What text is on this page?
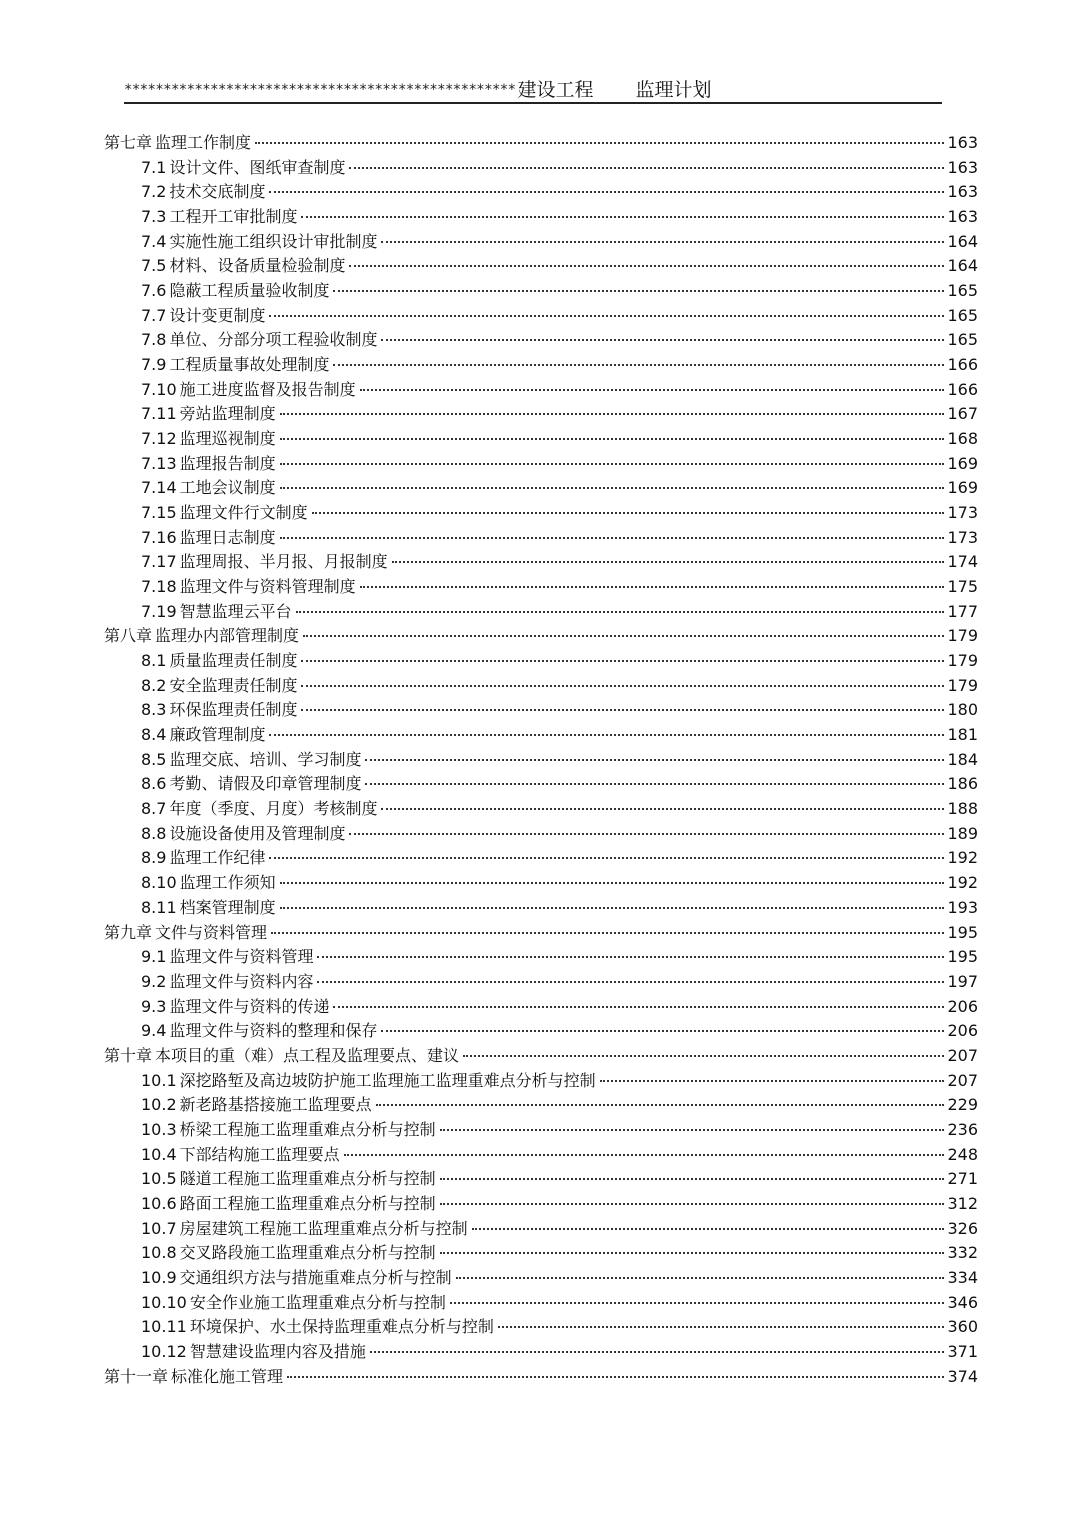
************************************************** 建设工程 监理计划
第七章 监理工作制度	163
7.1 设计文件、图纸审查制度	163
7.2 技术交底制度	163
7.3 工程开工审批制度	163
7.4 实施性施工组织设计审批制度	164
7.5 材料、设备质量检验制度	164
7.6 隐蔽工程质量验收制度	165
7.7 设计变更制度	165
7.8 单位、分部分项工程验收制度	165
7.9 工程质量事故处理制度	166
7.10 施工进度监督及报告制度	166
7.11 旁站监理制度	167
7.12 监理巡视制度	168
7.13 监理报告制度	169
7.14 工地会议制度	169
7.15 监理文件行文制度	173
7.16 监理日志制度	173
7.17 监理周报、半月报、月报制度	174
7.18 监理文件与资料管理制度	175
7.19 智慧监理云平台	177
第八章 监理办内部管理制度	179
8.1 质量监理责任制度	179
8.2 安全监理责任制度	179
8.3 环保监理责任制度	180
8.4 廉政管理制度	181
8.5 监理交底、培训、学习制度	184
8.6 考勤、请假及印章管理制度	186
8.7 年度（季度、月度）考核制度	188
8.8 设施设备使用及管理制度	189
8.9 监理工作纪律	192
8.10 监理工作须知	192
8.11 档案管理制度	193
第九章 文件与资料管理	195
9.1 监理文件与资料管理	195
9.2 监理文件与资料内容	197
9.3 监理文件与资料的传递	206
9.4 监理文件与资料的整理和保存	206
第十章 本项目的重（难）点工程及监理要点、建议	207
10.1 深挖路堑及高边坡防护施工监理施工监理重难点分析与控制	207
10.2 新老路基搭接施工监理要点	229
10.3 桥梁工程施工监理重难点分析与控制	236
10.4 下部结构施工监理要点	248
10.5 隧道工程施工监理重难点分析与控制	271
10.6 路面工程施工监理重难点分析与控制	312
10.7 房屋建筑工程施工监理重难点分析与控制	326
10.8 交叉路段施工监理重难点分析与控制	332
10.9 交通组织方法与措施重难点分析与控制	334
10.10 安全作业施工监理重难点分析与控制	346
10.11 环境保护、水土保持监理重难点分析与控制	360
10.12 智慧建设监理内容及措施	371
第十一章 标准化施工管理	374
